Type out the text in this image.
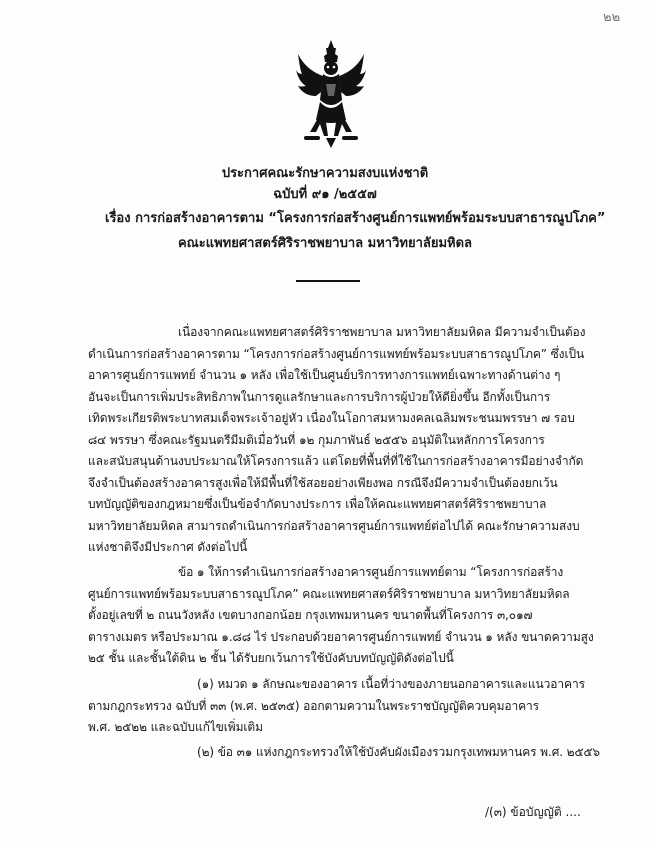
๒๒
ประกาศคณะรักษาความสงบแห่งชาติ
ฉบับที่ ๙๑ /๒๕๕๗
เรื่อง การก่อสร้างอาคารตาม “โครงการก่อสร้างศูนย์การแพทย์พร้อมระบบสาธารณูปโภค”
คณะแพทยศาสตร์ศิริราชพยาบาล มหาวิทยาลัยมหิดล
เนื่องจากคณะแพทยศาสตร์ศิริราชพยาบาล มหาวิทยาลัยมหิดล มีความจำเป็นต้อง
ดำเนินการก่อสร้างอาคารตาม “โครงการก่อสร้างศูนย์การแพทย์พร้อมระบบสาธารณูปโภค” ซึ่งเป็น
อาคารศูนย์การแพทย์ จำนวน ๑ หลัง เพื่อใช้เป็นศูนย์บริการทางการแพทย์เฉพาะทางด้านต่าง ๆ
อันจะเป็นการเพิ่มประสิทธิภาพในการดูแลรักษาและการบริการผู้ป่วยให้ดียิ่งขึ้น อีกทั้งเป็นการ
เทิดพระเกียรติพระบาทสมเด็จพระเจ้าอยู่หัว เนื่องในโอกาสมหามงคลเฉลิมพระชนมพรรษา ๗ รอบ
๘๔ พรรษา ซึ่งคณะรัฐมนตรีมีมติเมื่อวันที่ ๑๒ กุมภาพันธ์ ๒๕๕๖ อนุมัติในหลักการโครงการ
และสนับสนุนด้านงบประมาณให้โครงการแล้ว แต่โดยที่พื้นที่ที่ใช้ในการก่อสร้างอาคารมีอย่างจำกัด
จึงจำเป็นต้องสร้างอาคารสูงเพื่อให้มีพื้นที่ใช้สอยอย่างเพียงพอ กรณีจึงมีความจำเป็นต้องยกเว้น
บทบัญญัติของกฎหมายซึ่งเป็นข้อจำกัดบางประการ เพื่อให้คณะแพทยศาสตร์ศิริราชพยาบาล
มหาวิทยาลัยมหิดล สามารถดำเนินการก่อสร้างอาคารศูนย์การแพทย์ต่อไปได้ คณะรักษาความสงบ
แห่งชาติจึงมีประกาศ ดังต่อไปนี้
ข้อ ๑ ให้การดำเนินการก่อสร้างอาคารศูนย์การแพทย์ตาม “โครงการก่อสร้าง
ศูนย์การแพทย์พร้อมระบบสาธารณูปโภค” คณะแพทยศาสตร์ศิริราชพยาบาล มหาวิทยาลัยมหิดล
ตั้งอยู่เลขที่ ๒ ถนนวังหลัง เขตบางกอกน้อย กรุงเทพมหานคร ขนาดพื้นที่โครงการ ๓,๐๑๗
ตารางเมตร หรือประมาณ ๑.๘๘ ไร่ ประกอบด้วยอาคารศูนย์การแพทย์ จำนวน ๑ หลัง ขนาดความสูง
๒๕ ชั้น และชั้นใต้ดิน ๒ ชั้น ได้รับยกเว้นการใช้บังคับบทบัญญัติดังต่อไปนี้
(๑) หมวด ๑ ลักษณะของอาคาร เนื้อที่ว่างของภายนอกอาคารและแนวอาคาร
ตามกฎกระทรวง ฉบับที่ ๓๓ (พ.ศ. ๒๕๓๕) ออกตามความในพระราชบัญญัติควบคุมอาคาร
พ.ศ. ๒๕๒๒ และฉบับแก้ไขเพิ่มเติม
(๒) ข้อ ๓๑ แห่งกฎกระทรวงให้ใช้บังคับผังเมืองรวมกรุงเทพมหานคร พ.ศ. ๒๕๕๖
/(๓) ข้อบัญญัติ ....
